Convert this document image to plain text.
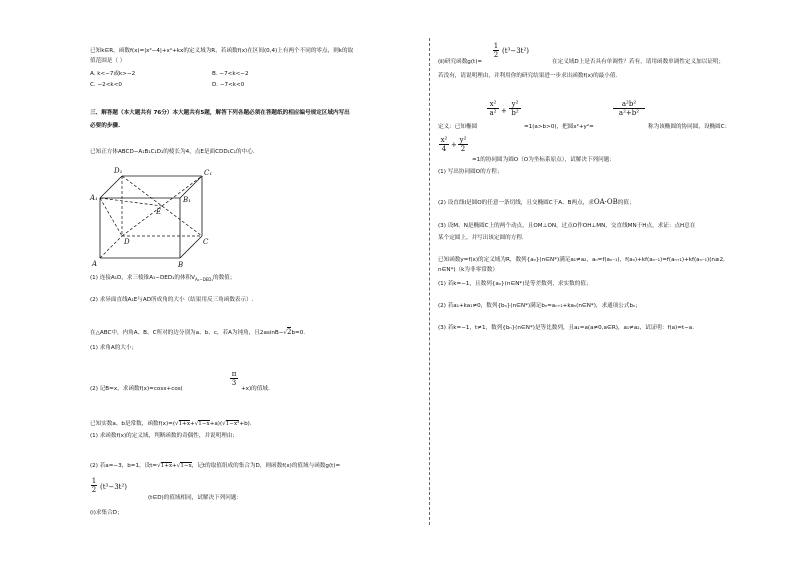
已知k∈R，函数f(x)=|x²−4|+x²+kx的定义域为R，若函数f(x)在区间(0,4)上有两个不同的零点，则k的取
值范围是（ ）
A. k<−7或k>−2	B. −7<k<−2
C. −2<k<0	D. −7<k<0
三、解答题（本大题共有 76分）本大题共有5题，解答下列各题必须在答题纸的相应编号规定区域内写出
必要的步骤.
已知正方体ABCD−A₁B₁C₁D₁的棱长为4，点E是面CDD₁C₁的中心.
A₁
D₁	C₁
B₁
A	B
C
D
E
(1) 连接A₁D，求三棱锥A₁−DED₁的体积$V_{A_1-DED_1}$的数值；
(2) 求异面直线A₁E与AD所成角的大小（结果用反三角函数表示）.
在△ABC中，内角A、B、C所对的边分别为a、b、c，若A为钝角，且2asinB−√2b=0.
(1) 求角A的大小；
(2) 记B=x，求函数f(x)=cosx+cos(
π
3
+x)的值域.
已知实数a、b是常数，函数f(x)=(√1+x+√1−x+a)(√1−x²+b).
(1) 求函数f(x)的定义域，判断函数的奇偶性，并说明理由；
(2) 若a=−3，b=1，设t=√1+x+√1−x，记t的取值组成的集合为D，则函数f(x)的值域与函数g(t)=
1
2 (t³−3t²)
(t∈D)的值域相同，试解决下列问题：
(ⅰ)求集合D；
(ⅱ)研究函数g(t)=
1
2 (t³−3t²)
在定义域D上是否具有单调性？若有，请用函数单调性定义加以证明；
若没有，请说明理由，并利用你的研究结果进一步求出函数f(x)的最小值.
定义：已知椭圆
x²
a² +
y²
b²
=1(a>b>0)，把圆x²+y²=
a²b²
a²+b²
称为该椭圆的协同圆，设椭圆C：
x²
4 +
y²
2
=1的协同圆为圆O（O为坐标系原点），试解决下列问题：
(1) 写出协同圆O的方程；
(2) 设直线l是圆O的任意一条切线，且交椭圆C于A、B两点，求OA·OB的值；
(3) 设M、N是椭圆C上的两个动点，且OM⊥ON，过点O作OH⊥MN，交直线MN于H点，求证：点H总在
某个定圆上，并写出该定圆的方程.
已知函数y=f(x)的定义域为R，数列{aₙ}(n∈N*)满足a₁≠a₂，aₙ=f(aₙ₋₁)，f(aₙ)+kf(aₙ₋₁)=f(aₙ₊₁)+kf(aₙ₋₁)(n≥2,
n∈N*)（k为非零常数）
(1) 若k=−1，且数列{aₙ}(n∈N*)是等差数列，求实数的值；
(2) 若a₁+ka₁≠0，数列{bₙ}(n∈N*)满足bₙ=aₙ₊₁+kaₙ(n∈N*)，求通项公式bₙ；
(3) 若k=−1，t≠1，数列{bₙ}(n∈N*)是等比数列，且a₁=a(a≠0,a∈R)，a₁≠a₂，试证明：f(a)=t−a.
